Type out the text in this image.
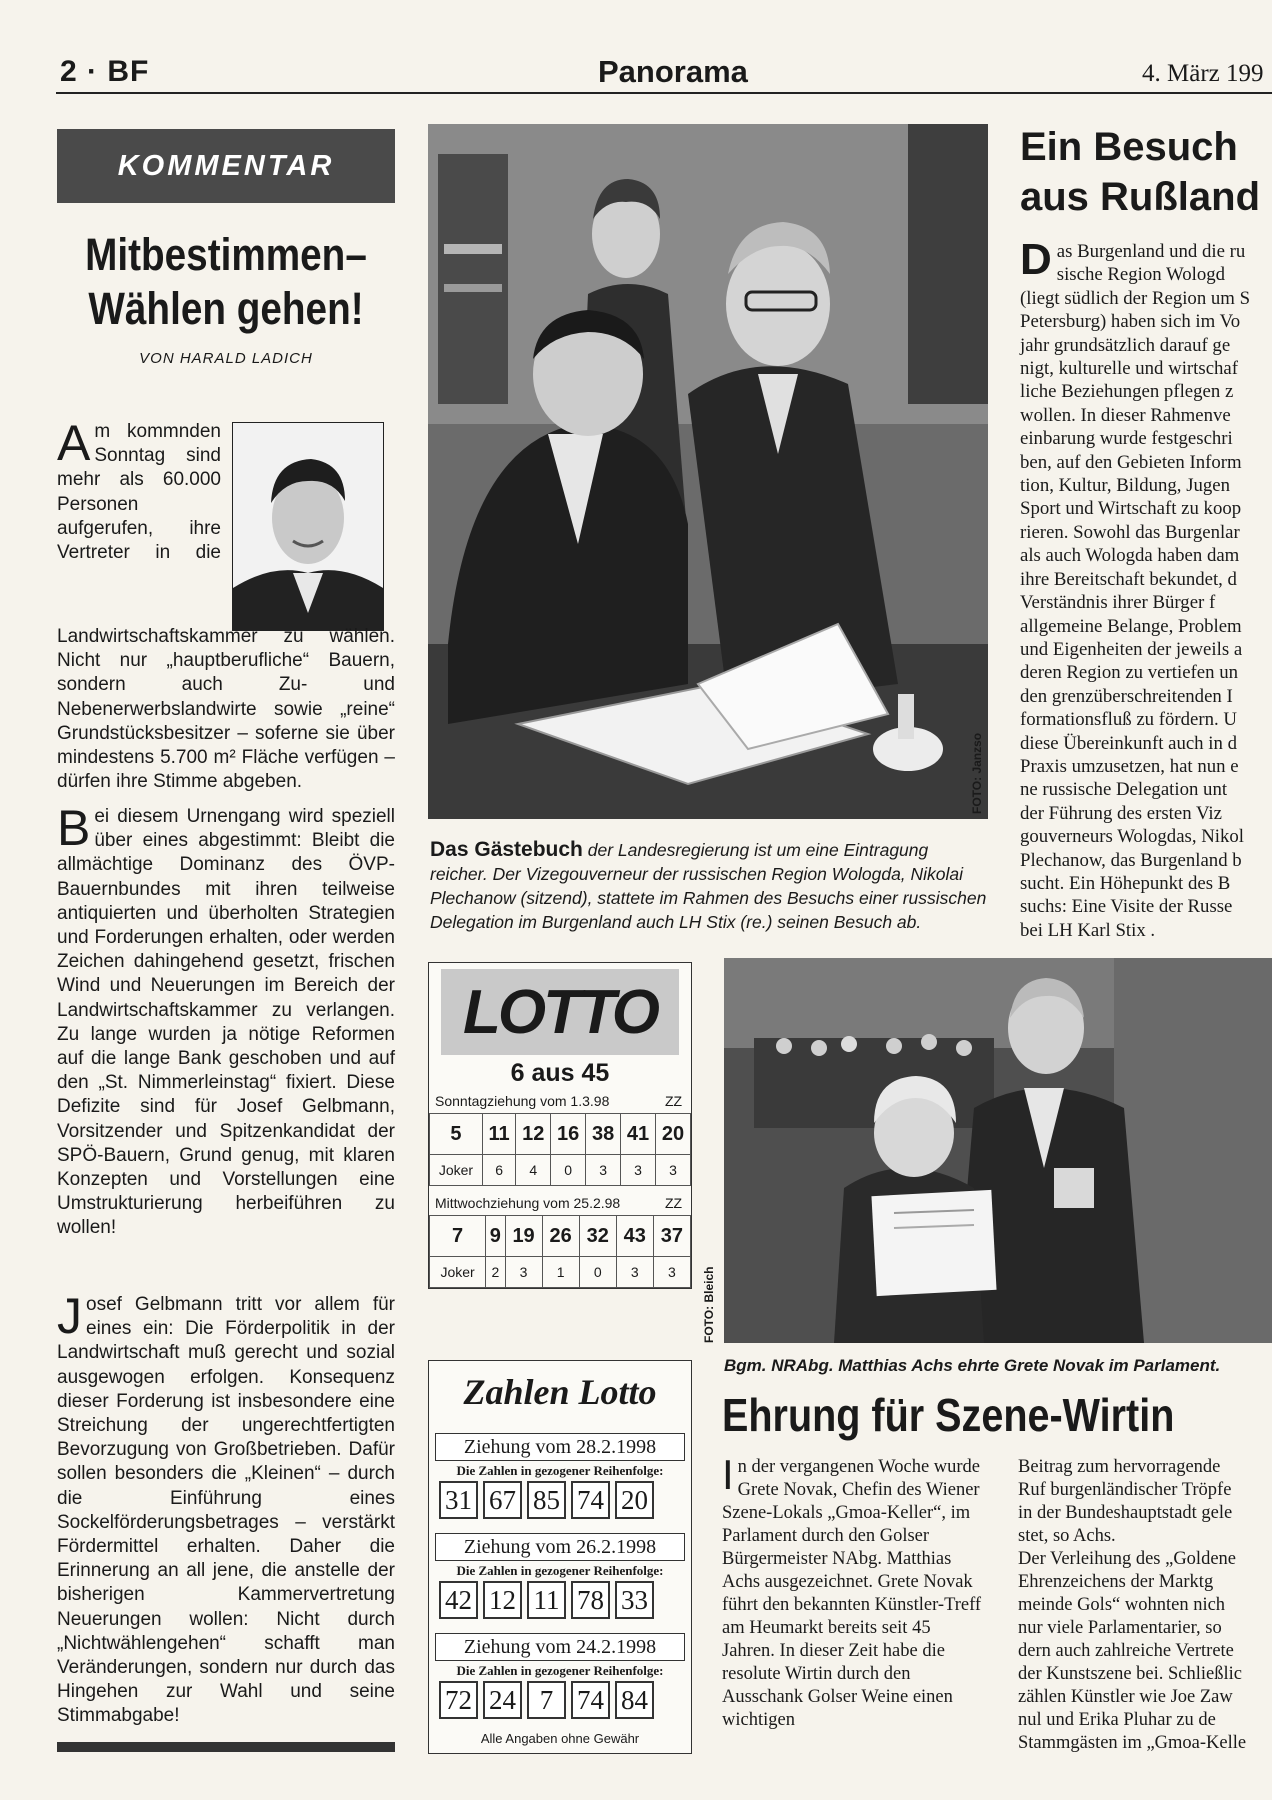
2 · BF	Panorama	4. März 199
KOMMENTAR
Mitbestimmen– Wählen gehen!
VON HARALD LADICH
Am kommnden Sonntag sind mehr als 60.000 Personen aufgerufen, ihre Vertreter in die Landwirtschaftskammer zu wählen. Nicht nur „hauptberufliche“ Bauern, sondern auch Zu- und Nebenerwerbslandwirte sowie „reine“ Grundstücksbesitzer – soferne sie über mindestens 5.700 m² Fläche verfügen – dürfen ihre Stimme abgeben.
Bei diesem Urnengang wird speziell über eines abgestimmt: Bleibt die allmächtige Dominanz des ÖVP-Bauernbundes mit ihren teilweise antiquierten und überholten Strategien und Forderungen erhalten, oder werden Zeichen dahingehend gesetzt, frischen Wind und Neuerungen im Bereich der Landwirtschaftskammer zu verlangen. Zu lange wurden ja nötige Reformen auf die lange Bank geschoben und auf den „St. Nimmerleinstag“ fixiert. Diese Defizite sind für Josef Gelbmann, Vorsitzender und Spitzenkandidat der SPÖ-Bauern, Grund genug, mit klaren Konzepten und Vorstellungen eine Umstrukturierung herbeiführen zu wollen!
Josef Gelbmann tritt vor allem für eines ein: Die Förderpolitik in der Landwirtschaft muß gerecht und sozial ausgewogen erfolgen. Konsequenz dieser Forderung ist insbesondere eine Streichung der ungerechtfertigten Bevorzugung von Großbetrieben. Dafür sollen besonders die „Kleinen“ – durch die Einführung eines Sockelförderungsbetrages – verstärkt Fördermittel erhalten. Daher die Erinnerung an all jene, die anstelle der bisherigen Kammervertretung Neuerungen wollen: Nicht durch „Nichtwählengehen“ schafft man Veränderungen, sondern nur durch das Hingehen zur Wahl und seine Stimmabgabe!
FOTO: Janzso
Das Gästebuch der Landesregierung ist um eine Eintragung reicher. Der Vizegouverneur der russischen Region Wologda, Nikolai Plechanow (sitzend), stattete im Rahmen des Besuchs einer russischen Delegation im Burgenland auch LH Stix (re.) seinen Besuch ab.
Ein Besuch
aus Rußland
D as Burgenland und die ru
sische Region Wologd
(liegt südlich der Region um S
Petersburg) haben sich im Vo
jahr grundsätzlich darauf ge
nigt, kulturelle und wirtschaf
liche Beziehungen pflegen z
wollen. In dieser Rahmenve
einbarung wurde festgeschri
ben, auf den Gebieten Inform
tion, Kultur, Bildung, Jugen
Sport und Wirtschaft zu koop
rieren. Sowohl das Burgenlar
als auch Wologda haben dam
ihre Bereitschaft bekundet, d
Verständnis ihrer Bürger f
allgemeine Belange, Problem
und Eigenheiten der jeweils a
deren Region zu vertiefen un
den grenzüberschreitenden I
formationsfluß zu fördern. U
diese Übereinkunft auch in d
Praxis umzusetzen, hat nun e
ne russische Delegation unt
der Führung des ersten Viz
gouverneurs Wologdas, Nikol
Plechanow, das Burgenland b
sucht. Ein Höhepunkt des B
suchs: Eine Visite der Russe
bei LH Karl Stix .
LOTTO
6 aus 45
Sonntagziehung vom 1.3.98	ZZ
5	11	12	16	38	41	20
Joker	6	4	0	3	3	3
Mittwochziehung vom 25.2.98	ZZ
7	9	19	26	32	43	37
Joker	2	3	1	0	3	3
Zahlen Lotto
Ziehung vom 28.2.1998
Die Zahlen in gezogener Reihenfolge:
31 67 85 74 20
Ziehung vom 26.2.1998
Die Zahlen in gezogener Reihenfolge:
42 12 11 78 33
Ziehung vom 24.2.1998
Die Zahlen in gezogener Reihenfolge:
72 24 7 74 84
Alle Angaben ohne Gewähr
FOTO: Bleich
Bgm. NRAbg. Matthias Achs ehrte Grete Novak im Parlament.
Ehrung für Szene-Wirtin
In der vergangenen Woche wurde Grete Novak, Chefin des Wiener Szene-Lokals „Gmoa-Keller“, im Parlament durch den Golser Bürgermeister NAbg. Matthias Achs ausgezeichnet. Grete Novak führt den bekannten Künstler-Treff am Heumarkt bereits seit 45 Jahren. In dieser Zeit habe die resolute Wirtin durch den Ausschank Golser Weine einen wichtigen
Beitrag zum hervorragende
Ruf burgenländischer Tröpfe
in der Bundeshauptstadt gele
stet, so Achs.
Der Verleihung des „Goldene
Ehrenzeichens der Marktg
meinde Gols“ wohnten nich
nur viele Parlamentarier, so
dern auch zahlreiche Vertrete
der Kunstszene bei. Schließlic
zählen Künstler wie Joe Zaw
nul und Erika Pluhar zu de
Stammgästen im „Gmoa-Kelle
